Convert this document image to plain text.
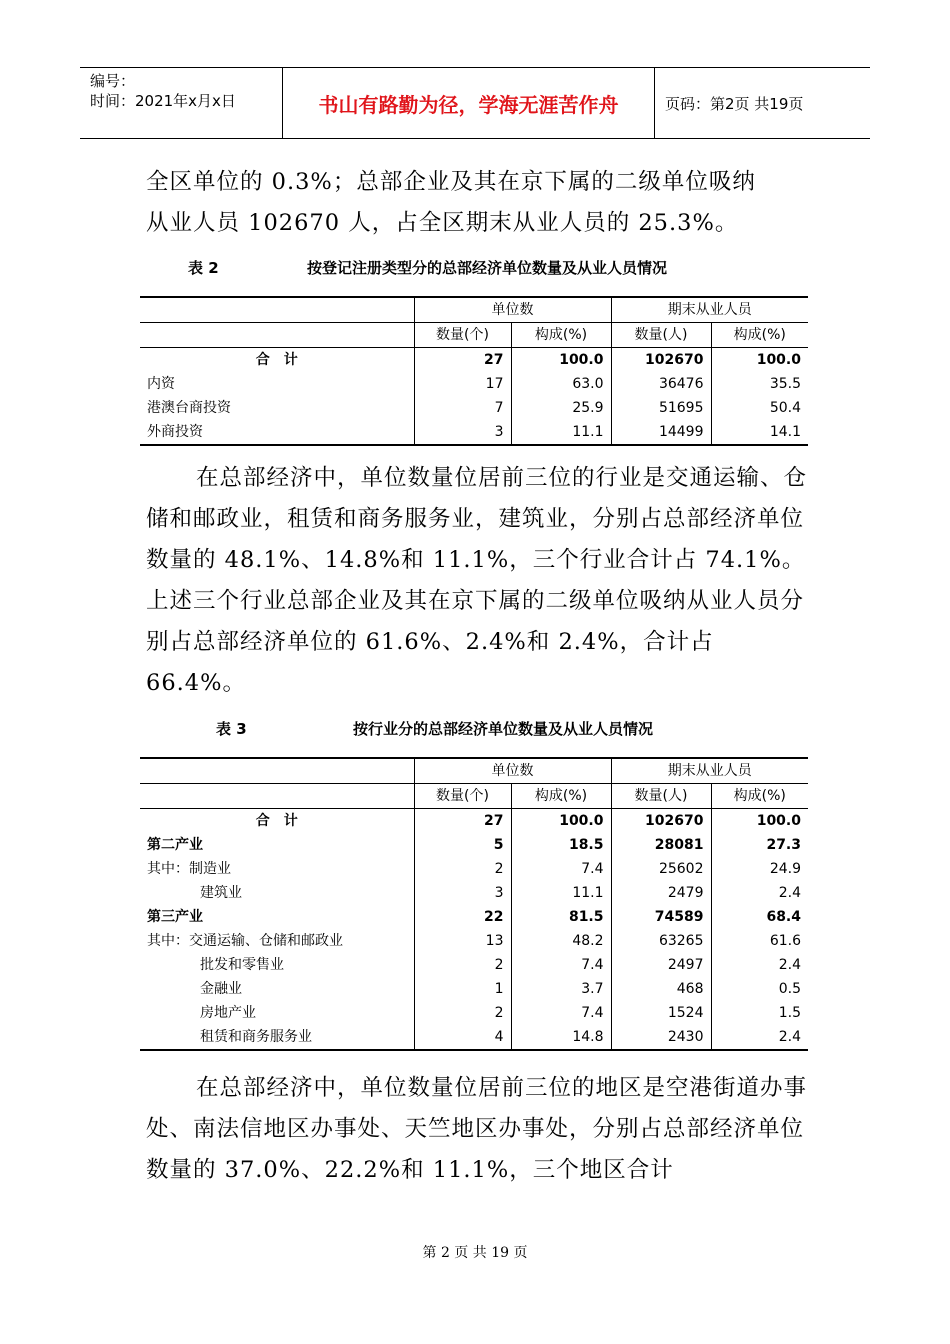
编号：
时间：2021年x月x日	书山有路勤为径，学海无涯苦作舟	页码：第2页 共19页
全区单位的 0.3%；总部企业及其在京下属的二级单位吸纳
从业人员 102670 人，占全区期末从业人员的 25.3%。
表 2	按登记注册类型分的总部经济单位数量及从业人员情况
	单位数		期末从业人员	
	数量(个)	构成(%)	数量(人)	构成(%)
合　计	27	100.0	102670	100.0
内资	17	63.0	36476	35.5
港澳台商投资	7	25.9	51695	50.4
外商投资	3	11.1	14499	14.1

在总部经济中，单位数量位居前三位的行业是交通运输、仓储和邮政业，租赁和商务服务业，建筑业，分别占总部经济单位数量的 48.1%、14.8%和 11.1%，三个行业合计占 74.1%。上述三个行业总部企业及其在京下属的二级单位吸纳从业人员分别占总部经济单位的 61.6%、2.4%和 2.4%，合计占 66.4%。

表 3	按行业分的总部经济单位数量及从业人员情况
	单位数		期末从业人员	
	数量(个)	构成(%)	数量(人)	构成(%)
合　计	27	100.0	102670	100.0
第二产业	5	18.5	28081	27.3
其中：制造业	2	7.4	25602	24.9
建筑业	3	11.1	2479	2.4
第三产业	22	81.5	74589	68.4
其中：交通运输、仓储和邮政业	13	48.2	63265	61.6
批发和零售业	2	7.4	2497	2.4
金融业	1	3.7	468	0.5
房地产业	2	7.4	1524	1.5
租赁和商务服务业	4	14.8	2430	2.4

在总部经济中，单位数量位居前三位的地区是空港街道办事处、南法信地区办事处、天竺地区办事处，分别占总部经济单位数量的 37.0%、22.2%和 11.1%，三个地区合计

第 2 页 共 19 页
